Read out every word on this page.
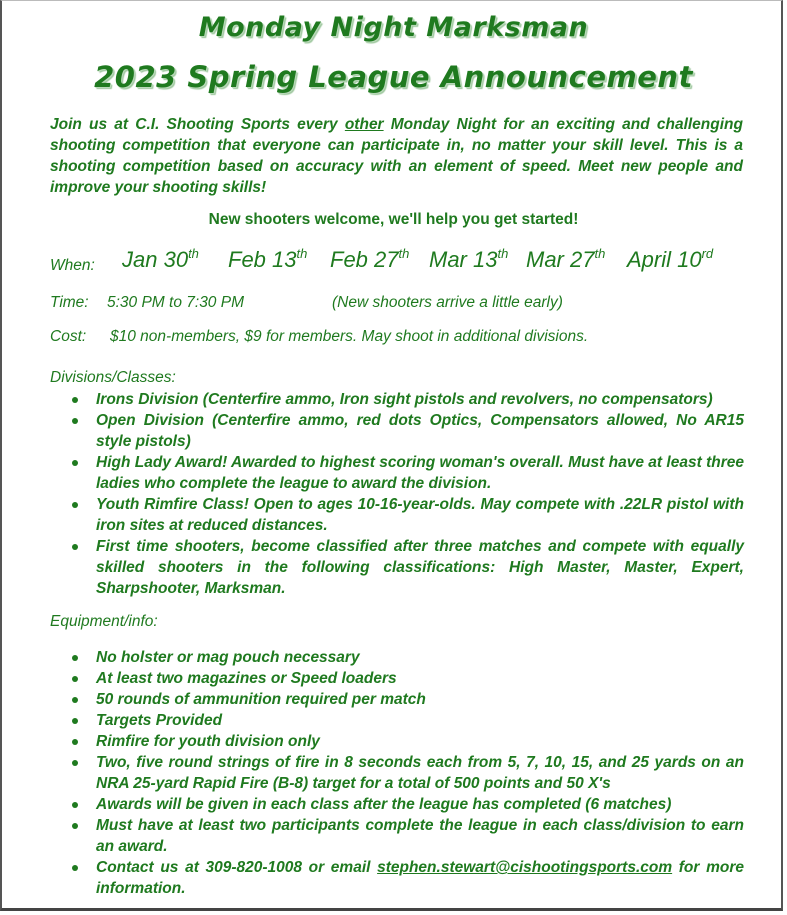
Monday Night Marksman
2023 Spring League Announcement
Join us at C.I. Shooting Sports every other Monday Night for an exciting and challenging shooting competition that everyone can participate in, no matter your skill level. This is a shooting competition based on accuracy with an element of speed. Meet new people and improve your shooting skills!
New shooters welcome, we'll help you get started!
When: Jan 30th Feb 13th Feb 27th Mar 13th Mar 27th April 10rd
Time: 5:30 PM to 7:30 PM	(New shooters arrive a little early)
Cost: $10 non-members, $9 for members. May shoot in additional divisions.
Divisions/Classes:
Irons Division (Centerfire ammo, Iron sight pistols and revolvers, no compensators)
Open Division (Centerfire ammo, red dots Optics, Compensators allowed, No AR15 style pistols)
High Lady Award! Awarded to highest scoring woman's overall. Must have at least three ladies who complete the league to award the division.
Youth Rimfire Class! Open to ages 10-16-year-olds. May compete with .22LR pistol with iron sites at reduced distances.
First time shooters, become classified after three matches and compete with equally skilled shooters in the following classifications: High Master, Master, Expert, Sharpshooter, Marksman.
Equipment/info:
No holster or mag pouch necessary
At least two magazines or Speed loaders
50 rounds of ammunition required per match
Targets Provided
Rimfire for youth division only
Two, five round strings of fire in 8 seconds each from 5, 7, 10, 15, and 25 yards on an NRA 25-yard Rapid Fire (B-8) target for a total of 500 points and 50 X's
Awards will be given in each class after the league has completed (6 matches)
Must have at least two participants complete the league in each class/division to earn an award.
Contact us at 309-820-1008 or email stephen.stewart@cishootingsports.com for more information.
